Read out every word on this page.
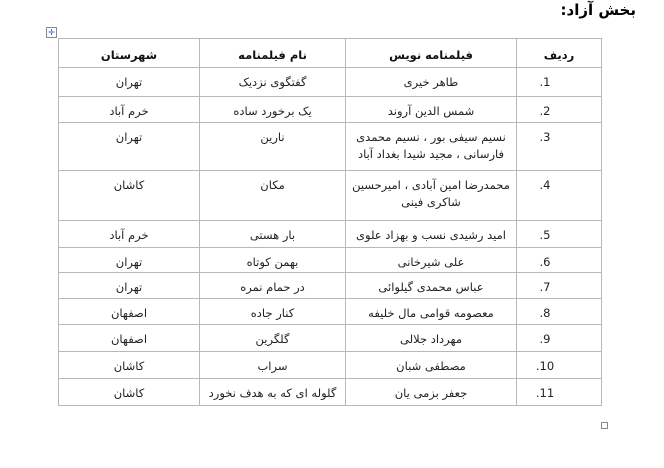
بخش آزاد:
✛
ردیف	فیلمنامه نویس	نام فیلمنامه	شهرستان
1.	طاهر خیری	گفتگوی نزدیک	تهران
2.	شمس الدین آروند	یک برخورد ساده	خرم آباد
3.	نسیم سیفی بور ، نسیم محمدی فارسانی ، مجید شیدا بغداد آباد	نارین	تهران
4.	محمدرضا امین آبادی ، امیرحسین شاکری فینی	مکان	کاشان
5.	امید رشیدی نسب و بهزاد علوی	بار هستی	خرم آباد
6.	علی شیرخانی	بهمن کوتاه	تهران
7.	عباس محمدی گیلوائی	در حمام نمره	تهران
8.	معصومه قوامی مال خلیفه	کنار جاده	اصفهان
9.	مهرداد جلالی	گلگرین	اصفهان
10.	مصطفی شبان	سراب	کاشان
11.	جعفر بزمی یان	گلوله ای که به هدف نخورد	کاشان
